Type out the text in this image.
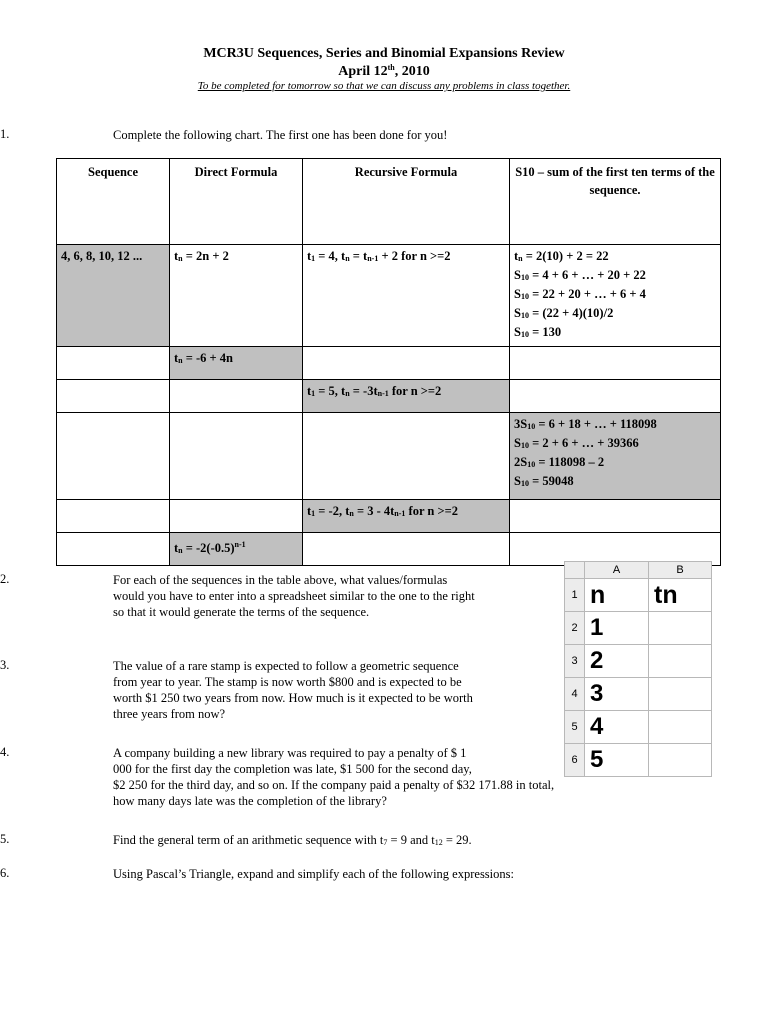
MCR3U Sequences, Series and Binomial Expansions Review
April 12th, 2010
To be completed for tomorrow so that we can discuss any problems in class together.
1.	Complete the following chart. The first one has been done for you!
Sequence	Direct Formula	Recursive Formula	S10 – sum of the first ten terms of the sequence.
4, 6, 8, 10, 12 ...	tn = 2n + 2	t1 = 4, tn = tn-1 + 2 for n >=2	tn = 2(10) + 2 = 22
S10 = 4 + 6 + … + 20 + 22
S10 = 22 + 20 + … + 6 + 4
S10 = (22 + 4)(10)/2
S10 = 130

	tn = -6 + 4n		
		t1 = 5, tn = -3tn-1 for n >=2	

			3S10 = 6 + 18 + … + 118098
S10 = 2 + 6 + … + 39366
2S10 = 118098 – 2
S10 = 59048

		t1 = -2, tn = 3 - 4tn-1 for n >=2	
	tn = $-2(-0.5)^{n-1}$		
2.	For each of the sequences in the table above, what values/formulas
would you have to enter into a spreadsheet similar to the one to the right
so that it would generate the terms of the sequence.
	A	B
1	n	tn
2	1	
3	2	
4	3	
5	4	
6	5	
3.	The value of a rare stamp is expected to follow a geometric sequence
from year to year. The stamp is now worth $800 and is expected to be
worth $1 250 two years from now. How much is it expected to be worth
three years from now?
4.	A company building a new library was required to pay a penalty of $ 1
000 for the first day the completion was late, $1 500 for the second day,
$2 250 for the third day, and so on. If the company paid a penalty of $32 171.88 in total,
how many days late was the completion of the library?
5.	Find the general term of an arithmetic sequence with t7 = 9 and t12 = 29.
6.	Using Pascal’s Triangle, expand and simplify each of the following expressions:
